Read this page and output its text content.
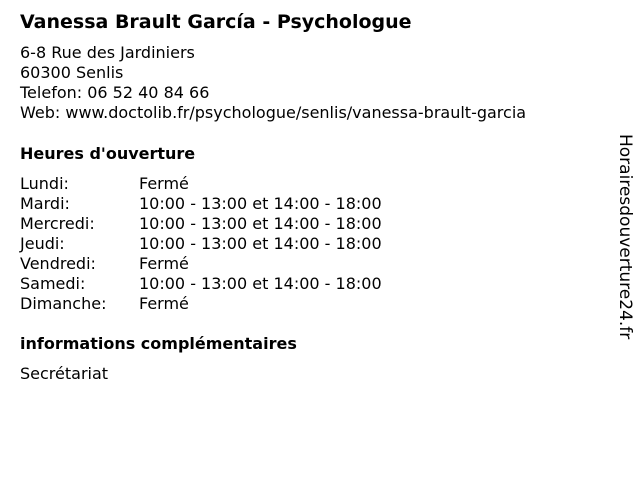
Vanessa Brault García - Psychologue
6-8 Rue des Jardiniers
60300 Senlis
Telefon: 06 52 40 84 66
Web: www.doctolib.fr/psychologue/senlis/vanessa-brault-garcia
Heures d'ouverture
Lundi:	Fermé
Mardi:	10:00 - 13:00 et 14:00 - 18:00
Mercredi:	10:00 - 13:00 et 14:00 - 18:00
Jeudi:	10:00 - 13:00 et 14:00 - 18:00
Vendredi:	Fermé
Samedi:	10:00 - 13:00 et 14:00 - 18:00
Dimanche: Fermé
informations complémentaires
Secrétariat
Horairesdouverture24.fr
